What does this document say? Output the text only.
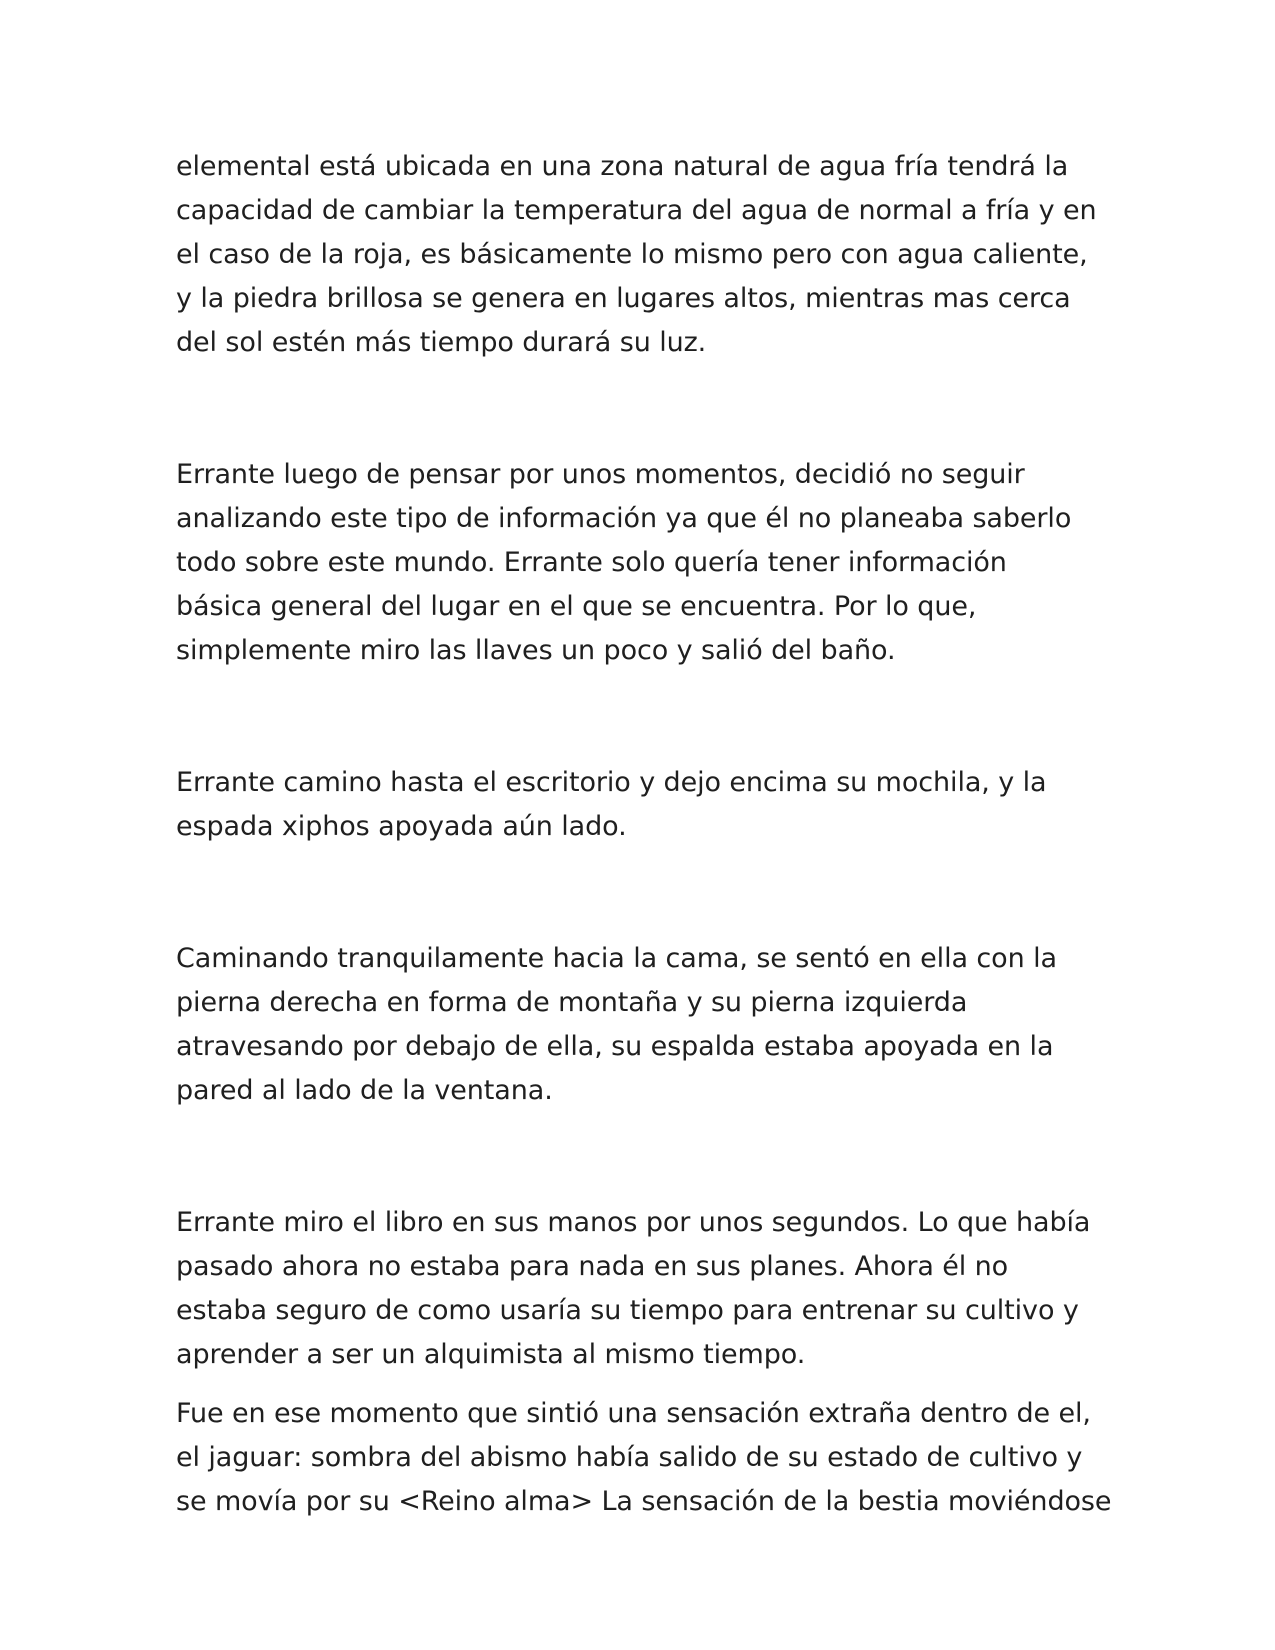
elemental está ubicada en una zona natural de agua fría tendrá la
capacidad de cambiar la temperatura del agua de normal a fría y en
el caso de la roja, es básicamente lo mismo pero con agua caliente,
y la piedra brillosa se genera en lugares altos, mientras mas cerca
del sol estén más tiempo durará su luz.

Errante luego de pensar por unos momentos, decidió no seguir
analizando este tipo de información ya que él no planeaba saberlo
todo sobre este mundo. Errante solo quería tener información
básica general del lugar en el que se encuentra. Por lo que,
simplemente miro las llaves un poco y salió del baño.

Errante camino hasta el escritorio y dejo encima su mochila, y la
espada xiphos apoyada aún lado.

Caminando tranquilamente hacia la cama, se sentó en ella con la
pierna derecha en forma de montaña y su pierna izquierda
atravesando por debajo de ella, su espalda estaba apoyada en la
pared al lado de la ventana.

Errante miro el libro en sus manos por unos segundos. Lo que había
pasado ahora no estaba para nada en sus planes. Ahora él no
estaba seguro de como usaría su tiempo para entrenar su cultivo y
aprender a ser un alquimista al mismo tiempo.

Fue en ese momento que sintió una sensación extraña dentro de el,
el jaguar: sombra del abismo había salido de su estado de cultivo y
se movía por su <Reino alma> La sensación de la bestia moviéndose
